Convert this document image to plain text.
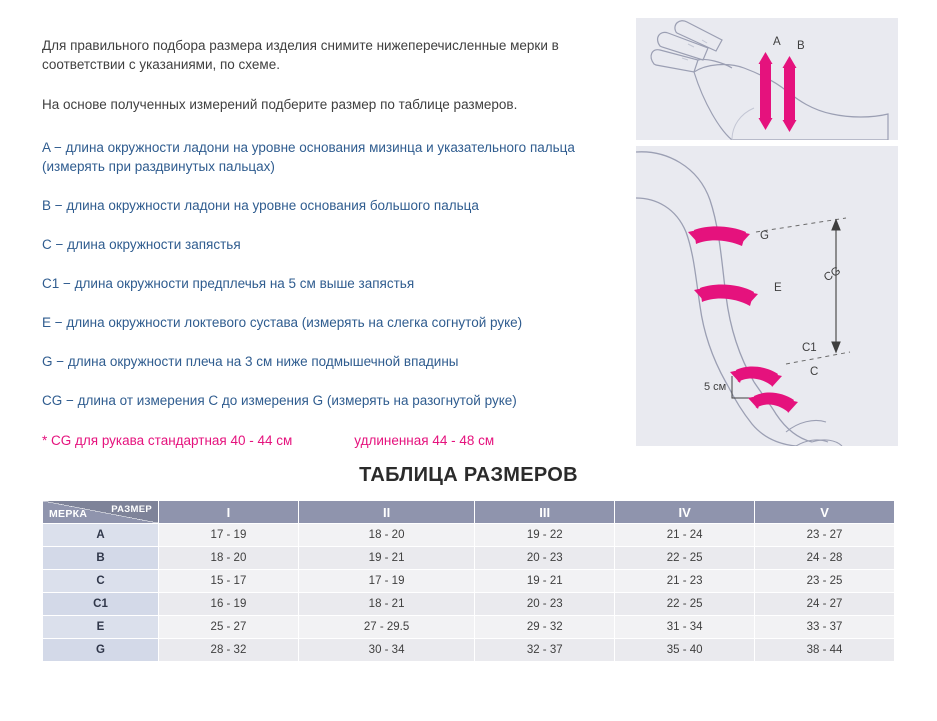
Для правильного подбора размера изделия снимите нижеперечисленные мерки в соответствии с указаниями, по схеме.

На основе полученных измерений подберите размер по таблице размеров.

A − длина окружности ладони на уровне основания мизинца и указательного пальца (измерять при раздвинутых пальцах)
B − длина окружности ладони на уровне основания большого пальца
C − длина окружности запястья
C1 − длина окружности предплечья на 5 см выше запястья
E − длина окружности локтевого сустава (измерять на слегка согнутой руке)
G − длина окружности плеча на 3 см ниже подмышечной впадины
CG − длина от измерения C до измерения G (измерять на разогнутой руке)
* CG для рукава стандартная 40 - 44 см	удлиненная 44 - 48 см
A B
G
E
CG
C1
C
5 см
ТАБЛИЦА РАЗМЕРОВ
РАЗМЕР
МЕРКА	I	II	III	IV	V
A	17 - 19	18 - 20	19 - 22	21 - 24	23 - 27
B	18 - 20	19 - 21	20 - 23	22 - 25	24 - 28
C	15 - 17	17 - 19	19 - 21	21 - 23	23 - 25
C1	16 - 19	18 - 21	20 - 23	22 - 25	24 - 27
E	25 - 27	27 - 29.5	29 - 32	31 - 34	33 - 37
G	28 - 32	30 - 34	32 - 37	35 - 40	38 - 44
